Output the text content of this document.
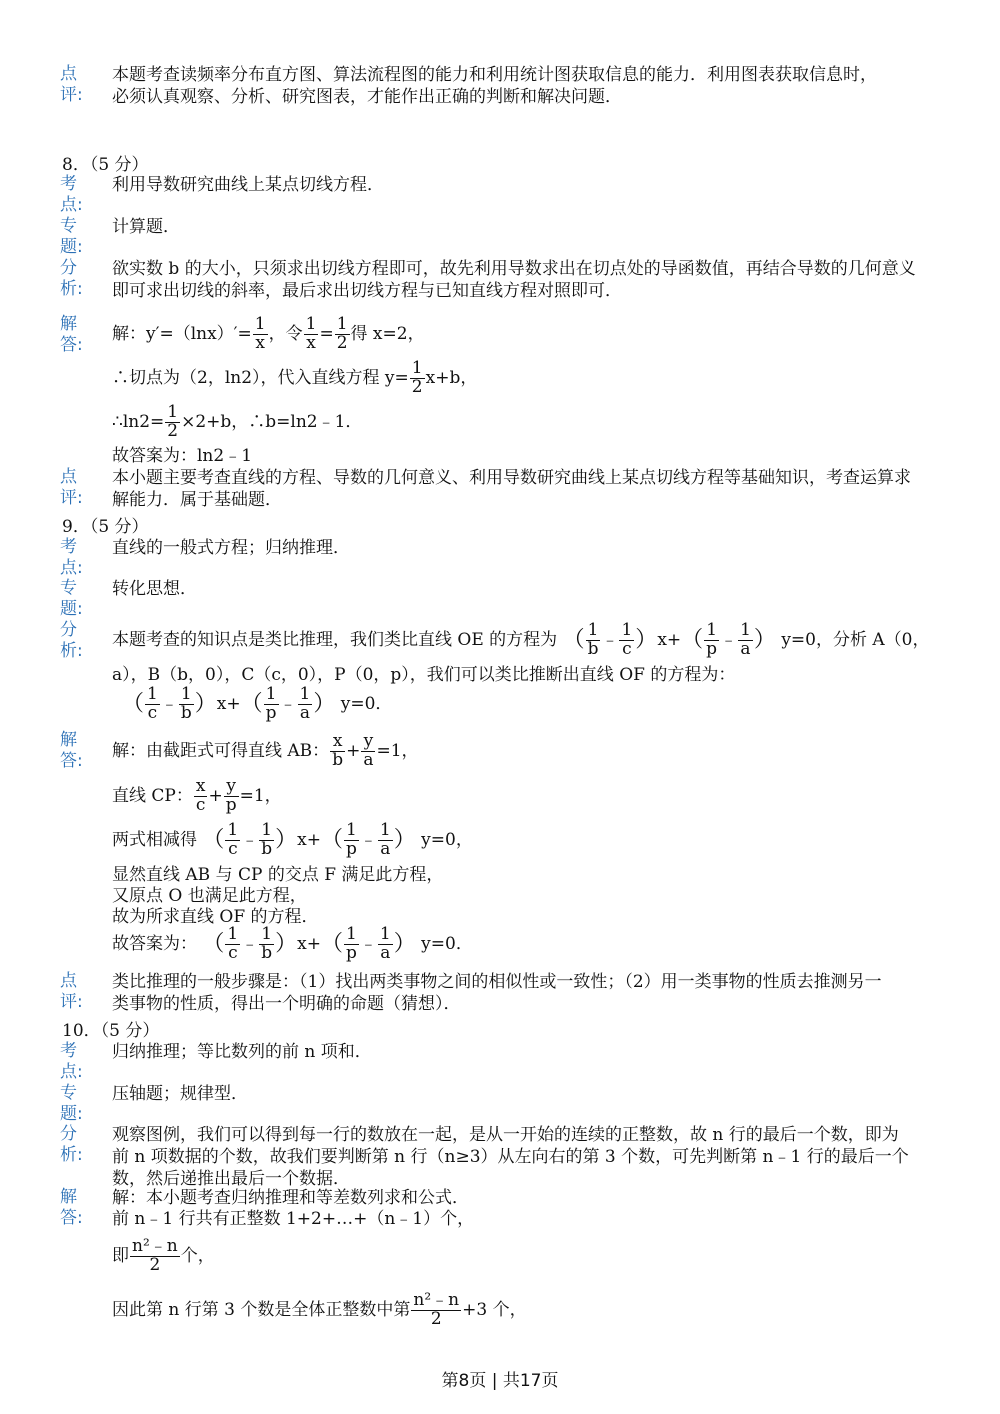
点
评:
本题考查读频率分布直方图、算法流程图的能力和利用统计图获取信息的能力．利用图表获取信息时，
必须认真观察、分析、研究图表，才能作出正确的判断和解决问题．
8．（5 分）
考
点:
利用导数研究曲线上某点切线方程．
专
题:
计算题．
分
析:
欲实数 b 的大小，只须求出切线方程即可，故先利用导数求出在切点处的导函数值，再结合导数的几何意义
即可求出切线的斜率，最后求出切线方程与已知直线方程对照即可．
解
答:
解：$y'=(\ln x)'= \frac{1}{x}$ ，令 $\frac{1}{x} = \frac{1}{2}$ 得 x=2，
∴切点为（2，ln2），代入直线方程 $y= \frac{1}{2} x+b$，
∴ln2= $\frac{1}{2} \times 2+b$，∴b=ln2﹣1．
故答案为：ln2﹣1
点
评:
本小题主要考查直线的方程、导数的几何意义、利用导数研究曲线上某点切线方程等基础知识，考查运算求
解能力．属于基础题．
9．（5 分）
考
点:
直线的一般式方程；归纳推理．
专
题:
转化思想．
分
析:
本题考查的知识点是类比推理，我们类比直线 OE 的方程为 （ $\frac{1}{b}$ ﹣ $\frac{1}{c} )x+( \frac{1}{p}$ ﹣ $\frac{1}{a}$ ） y=0，分析 A（0，
a），B（b，0），C（c，0），P（0，p），我们可以类比推断出直线 OF 的方程为：
（ $\frac{1}{c}$ ﹣ $\frac{1}{b} )x+( \frac{1}{p}$ ﹣ $\frac{1}{a}$ ） y=0．
解
答:
解：由截距式可得直线 AB： $\frac{x}{b} + \frac{y}{a} =1$，
直线 CP： $\frac{x}{c} + \frac{y}{p} =1$，
两式相减得 （ $\frac{1}{c}$ ﹣ $\frac{1}{b} )x+( \frac{1}{p}$ ﹣ $\frac{1}{a}$ ） y=0，
显然直线 AB 与 CP 的交点 F 满足此方程，
又原点 O 也满足此方程，
故为所求直线 OF 的方程．
故答案为： （ $\frac{1}{c}$ ﹣ $\frac{1}{b} )x+( \frac{1}{p}$ ﹣ $\frac{1}{a}$ ） y=0．
点
评:
类比推理的一般步骤是：（1）找出两类事物之间的相似性或一致性；（2）用一类事物的性质去推测另一
类事物的性质，得出一个明确的命题（猜想）．
10．（5 分）
考
点:
归纳推理；等比数列的前 n 项和．
专
题:
压轴题；规律型．
分
析:
观察图例，我们可以得到每一行的数放在一起，是从一开始的连续的正整数，故 n 行的最后一个数，即为
前 n 项数据的个数，故我们要判断第 n 行（n≥3）从左向右的第 3 个数，可先判断第 n﹣1 行的最后一个
数，然后递推出最后一个数据．
解
答:
解：本小题考查归纳推理和等差数列求和公式．
前 n﹣1 行共有正整数 1+2+…+（n﹣1）个，
即 $\frac{\text{n²﹣n}}{2}$ 个，
因此第 n 行第 3 个数是全体正整数中第 $\frac{\text{n²﹣n}}{2} +3$ 个，
第8页 | 共17页
